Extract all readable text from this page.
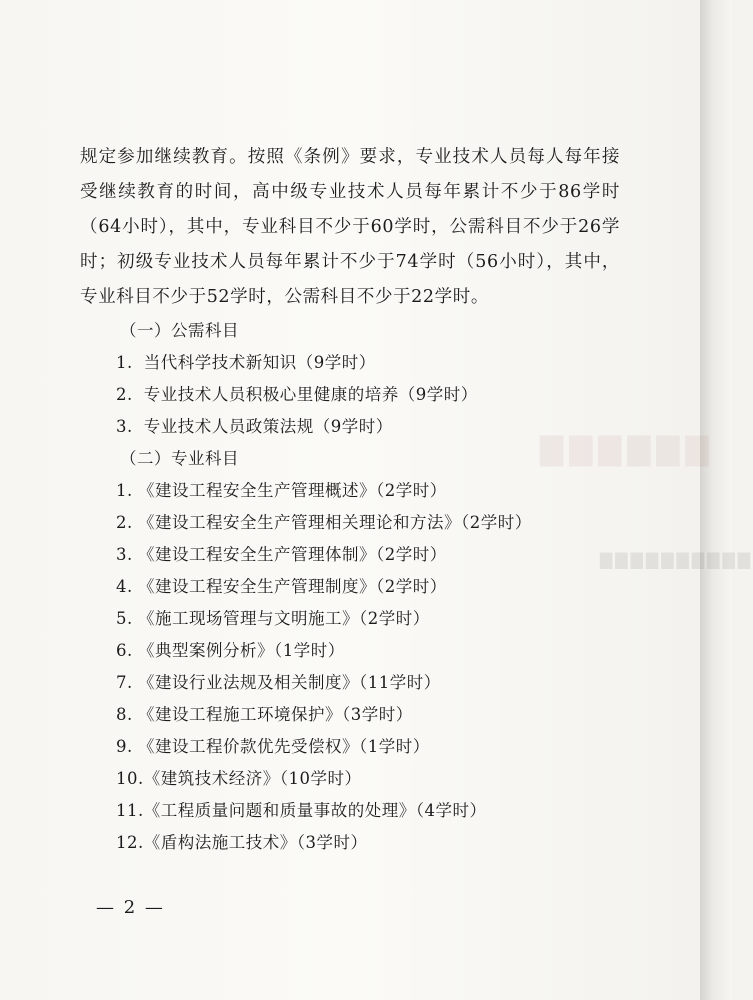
▇▇▇▇▇▇
▇▇▇▇▇▇▇▇▇▇

规定参加继续教育。按照《条例》要求，专业技术人员每人每年接受继续教育的时间，高中级专业技术人员每年累计不少于86学时（64小时），其中，专业科目不少于60学时，公需科目不少于26学时；初级专业技术人员每年累计不少于74学时（56小时），其中，专业科目不少于52学时，公需科目不少于22学时。

（一）公需科目
1. 当代科学技术新知识（9学时）
2. 专业技术人员积极心里健康的培养（9学时）
3. 专业技术人员政策法规（9学时）
（二）专业科目
1. 《建设工程安全生产管理概述》（2学时）
2. 《建设工程安全生产管理相关理论和方法》（2学时）
3. 《建设工程安全生产管理体制》（2学时）
4. 《建设工程安全生产管理制度》（2学时）
5. 《施工现场管理与文明施工》（2学时）
6. 《典型案例分析》（1学时）
7. 《建设行业法规及相关制度》（11学时）
8. 《建设工程施工环境保护》（3学时）
9. 《建设工程价款优先受偿权》（1学时）
10.《建筑技术经济》（10学时）
11.《工程质量问题和质量事故的处理》（4学时）
12.《盾构法施工技术》（3学时）
— 2 —
